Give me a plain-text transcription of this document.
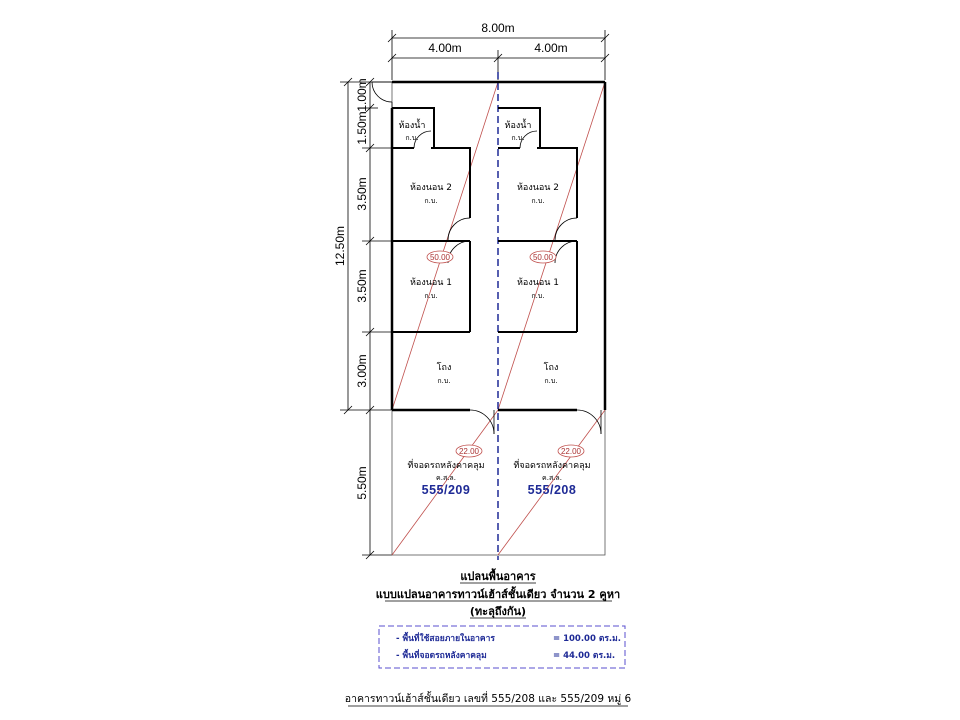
8.00m
4.00m	4.00m
12.50m
1.00m
1.50m
3.50m
3.50m
3.00m
5.50m
ห้องน้ำ
ก.บ.
ห้องนอน 2
ก.บ.
50.00
ห้องนอน 1
ก.บ.
โถง
ก.บ.
22.00
ที่จอดรถหลังคาคลุม
ค.ส.ล.
555/209
ห้องน้ำ
ก.บ.
ห้องนอน 2
ก.บ.
50.00
ห้องนอน 1
ก.บ.
โถง
ก.บ.
22.00
ที่จอดรถหลังคาคลุม
ค.ส.ล.
555/208
แปลนพื้นอาคาร
แบบแปลนอาคารทาวน์เฮ้าส์ชั้นเดียว จำนวน 2 คูหา
(ทะลุถึงกัน)
- พื้นที่ใช้สอยภายในอาคาร	= 100.00 ตร.ม.
- พื้นที่จอดรถหลังคาคลุม	= 44.00 ตร.ม.
อาคารทาวน์เฮ้าส์ชั้นเดียว เลขที่ 555/208 และ 555/209 หมู่ 6
